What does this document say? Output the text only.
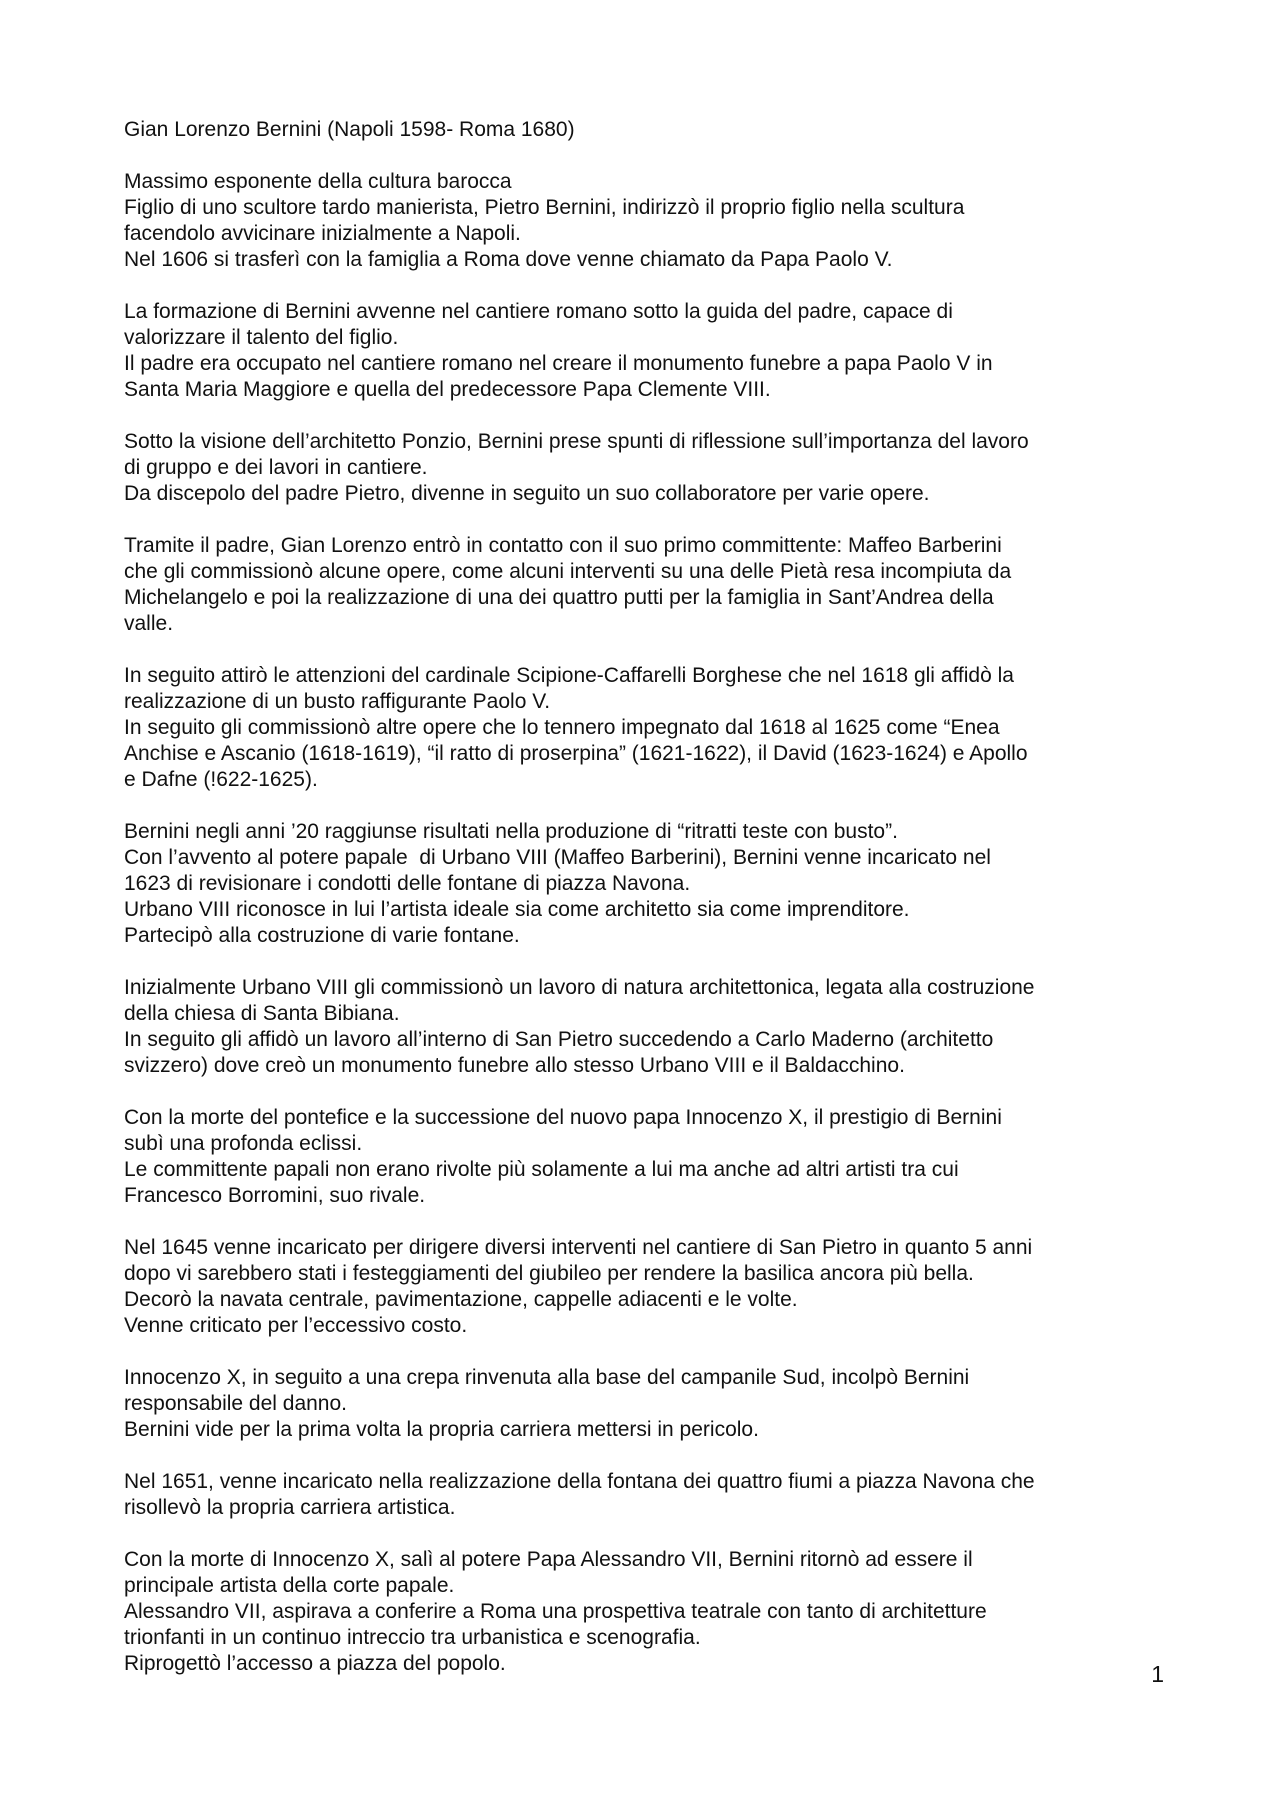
Gian Lorenzo Bernini (Napoli 1598- Roma 1680)
Massimo esponente della cultura barocca
Figlio di uno scultore tardo manierista, Pietro Bernini, indirizzò il proprio figlio nella scultura
facendolo avvicinare inizialmente a Napoli.
Nel 1606 si trasferì con la famiglia a Roma dove venne chiamato da Papa Paolo V.
La formazione di Bernini avvenne nel cantiere romano sotto la guida del padre, capace di
valorizzare il talento del figlio.
Il padre era occupato nel cantiere romano nel creare il monumento funebre a papa Paolo V in
Santa Maria Maggiore e quella del predecessore Papa Clemente VIII.
Sotto la visione dell’architetto Ponzio, Bernini prese spunti di riflessione sull’importanza del lavoro
di gruppo e dei lavori in cantiere.
Da discepolo del padre Pietro, divenne in seguito un suo collaboratore per varie opere.
Tramite il padre, Gian Lorenzo entrò in contatto con il suo primo committente: Maffeo Barberini
che gli commissionò alcune opere, come alcuni interventi su una delle Pietà resa incompiuta da
Michelangelo e poi la realizzazione di una dei quattro putti per la famiglia in Sant’Andrea della
valle.
In seguito attirò le attenzioni del cardinale Scipione-Caffarelli Borghese che nel 1618 gli affidò la
realizzazione di un busto raffigurante Paolo V.
In seguito gli commissionò altre opere che lo tennero impegnato dal 1618 al 1625 come “Enea
Anchise e Ascanio (1618-1619), “il ratto di proserpina” (1621-1622), il David (1623-1624) e Apollo
e Dafne (!622-1625).
Bernini negli anni ’20 raggiunse risultati nella produzione di “ritratti teste con busto”.
Con l’avvento al potere papale  di Urbano VIII (Maffeo Barberini), Bernini venne incaricato nel
1623 di revisionare i condotti delle fontane di piazza Navona.
Urbano VIII riconosce in lui l’artista ideale sia come architetto sia come imprenditore.
Partecipò alla costruzione di varie fontane.
Inizialmente Urbano VIII gli commissionò un lavoro di natura architettonica, legata alla costruzione
della chiesa di Santa Bibiana.
In seguito gli affidò un lavoro all’interno di San Pietro succedendo a Carlo Maderno (architetto
svizzero) dove creò un monumento funebre allo stesso Urbano VIII e il Baldacchino.
Con la morte del pontefice e la successione del nuovo papa Innocenzo X, il prestigio di Bernini
subì una profonda eclissi.
Le committente papali non erano rivolte più solamente a lui ma anche ad altri artisti tra cui
Francesco Borromini, suo rivale.
Nel 1645 venne incaricato per dirigere diversi interventi nel cantiere di San Pietro in quanto 5 anni
dopo vi sarebbero stati i festeggiamenti del giubileo per rendere la basilica ancora più bella.
Decorò la navata centrale, pavimentazione, cappelle adiacenti e le volte.
Venne criticato per l’eccessivo costo.
Innocenzo X, in seguito a una crepa rinvenuta alla base del campanile Sud, incolpò Bernini
responsabile del danno.
Bernini vide per la prima volta la propria carriera mettersi in pericolo.
Nel 1651, venne incaricato nella realizzazione della fontana dei quattro fiumi a piazza Navona che
risollevò la propria carriera artistica.
Con la morte di Innocenzo X, salì al potere Papa Alessandro VII, Bernini ritornò ad essere il
principale artista della corte papale.
Alessandro VII, aspirava a conferire a Roma una prospettiva teatrale con tanto di architetture
trionfanti in un continuo intreccio tra urbanistica e scenografia.
Riprogettò l’accesso a piazza del popolo.	1
